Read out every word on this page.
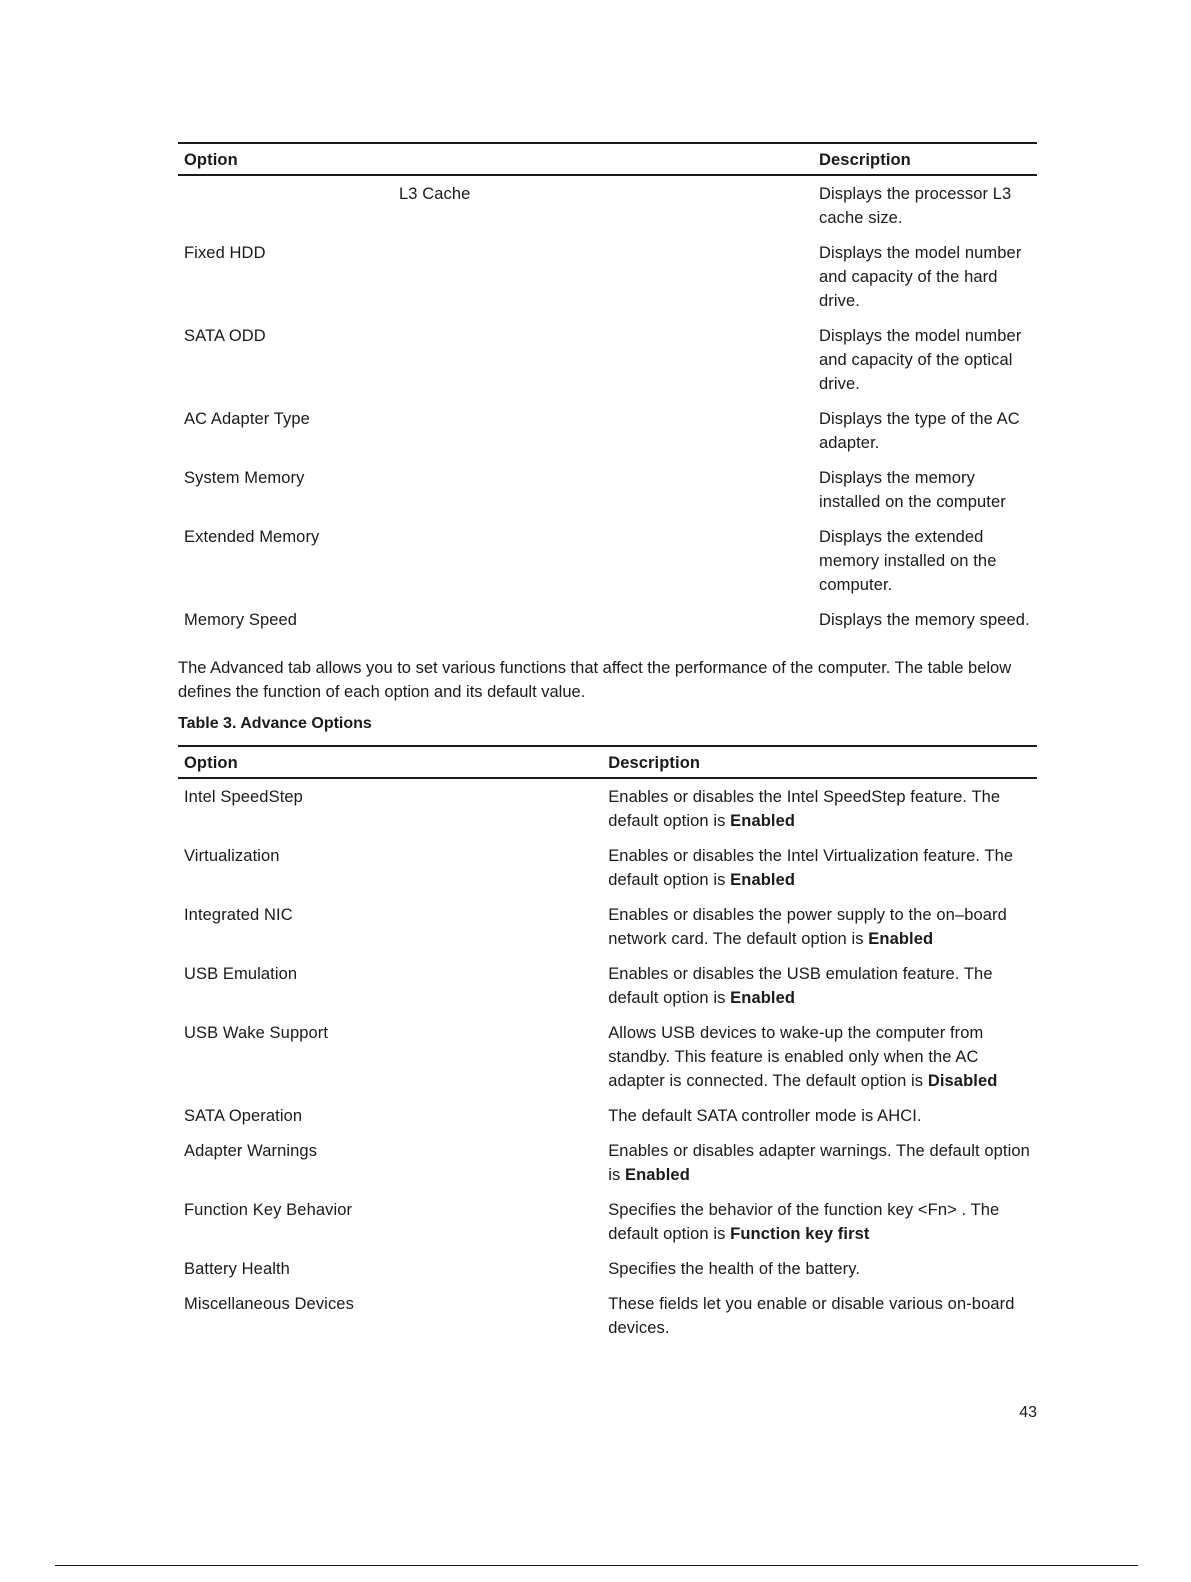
Option	Description
L3 Cache	Displays the processor L3 cache size.
Fixed HDD	Displays the model number and capacity of the hard drive.
SATA ODD	Displays the model number and capacity of the optical drive.
AC Adapter Type	Displays the type of the AC adapter.
System Memory	Displays the memory installed on the computer
Extended Memory	Displays the extended memory installed on the computer.
Memory Speed	Displays the memory speed.

The Advanced tab allows you to set various functions that affect the performance of the computer. The table below defines the function of each option and its default value.

Table 3. Advance Options
Option	Description
Intel SpeedStep	Enables or disables the Intel SpeedStep feature. The default option is Enabled
Virtualization	Enables or disables the Intel Virtualization feature. The default option is Enabled
Integrated NIC	Enables or disables the power supply to the on–board network card. The default option is Enabled
USB Emulation	Enables or disables the USB emulation feature. The default option is Enabled
USB Wake Support	Allows USB devices to wake-up the computer from standby. This feature is enabled only when the AC adapter is connected. The default option is Disabled
SATA Operation	The default SATA controller mode is AHCI.
Adapter Warnings	Enables or disables adapter warnings. The default option is Enabled
Function Key Behavior	Specifies the behavior of the function key <Fn> . The default option is Function key first
Battery Health	Specifies the health of the battery.
Miscellaneous Devices	These fields let you enable or disable various on-board devices.
43
